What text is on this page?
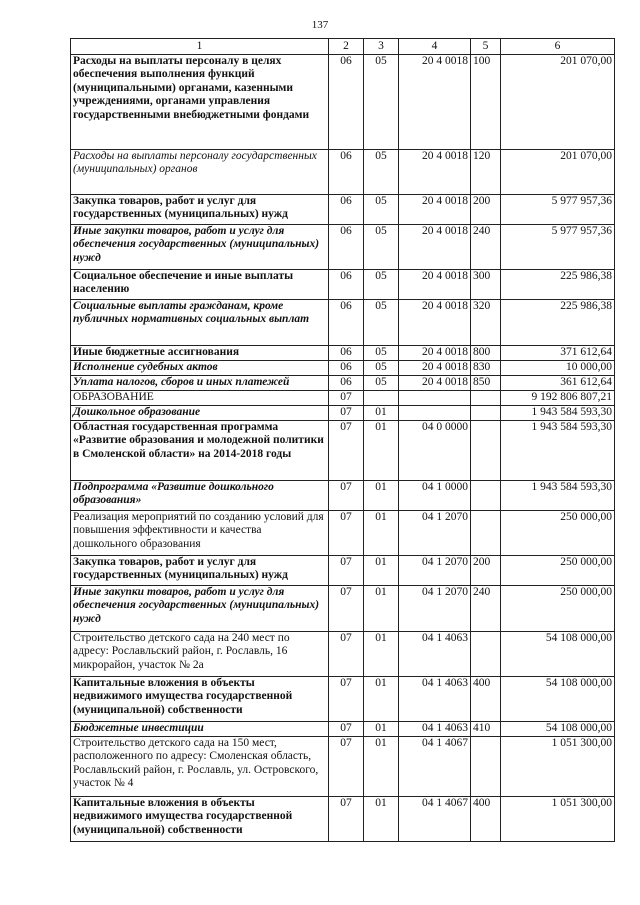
137
1	2	3	4	5	6
Расходы на выплаты персоналу в целях обеспечения выполнения функций (муниципальными) органами, казенными учреждениями, органами управления государственными внебюджетными фондами	06	05	20 4 0018	100	201 070,00
Расходы на выплаты персоналу государственных (муниципальных) органов	06	05	20 4 0018	120	201 070,00
Закупка товаров, работ и услуг для государственных (муниципальных) нужд	06	05	20 4 0018	200	5 977 957,36
Иные закупки товаров, работ и услуг для обеспечения государственных (муниципальных) нужд	06	05	20 4 0018	240	5 977 957,36
Социальное обеспечение и иные выплаты населению	06	05	20 4 0018	300	225 986,38
Социальные выплаты гражданам, кроме публичных нормативных социальных выплат	06	05	20 4 0018	320	225 986,38
Иные бюджетные ассигнования	06	05	20 4 0018	800	371 612,64
Исполнение судебных актов	06	05	20 4 0018	830	10 000,00
Уплата налогов, сборов и иных платежей	06	05	20 4 0018	850	361 612,64
ОБРАЗОВАНИЕ	07				9 192 806 807,21
Дошкольное образование	07	01			1 943 584 593,30
Областная государственная программа «Развитие образования и молодежной политики в Смоленской области» на 2014-2018 годы	07	01	04 0 0000		1 943 584 593,30
Подпрограмма «Развитие дошкольного образования»	07	01	04 1 0000		1 943 584 593,30
Реализация мероприятий по созданию условий для повышения эффективности и качества дошкольного образования	07	01	04 1 2070		250 000,00
Закупка товаров, работ и услуг для государственных (муниципальных) нужд	07	01	04 1 2070	200	250 000,00
Иные закупки товаров, работ и услуг для обеспечения государственных (муниципальных) нужд	07	01	04 1 2070	240	250 000,00
Строительство детского сада на 240 мест по адресу: Рославльский район, г. Рославль, 16 микрорайон, участок № 2а	07	01	04 1 4063		54 108 000,00
Капитальные вложения в объекты недвижимого имущества государственной (муниципальной) собственности	07	01	04 1 4063	400	54 108 000,00
Бюджетные инвестиции	07	01	04 1 4063	410	54 108 000,00
Строительство детского сада на 150 мест, расположенного по адресу: Смоленская область, Рославльский район, г. Рославль, ул. Островского, участок № 4	07	01	04 1 4067		1 051 300,00
Капитальные вложения в объекты недвижимого имущества государственной (муниципальной) собственности	07	01	04 1 4067	400	1 051 300,00
